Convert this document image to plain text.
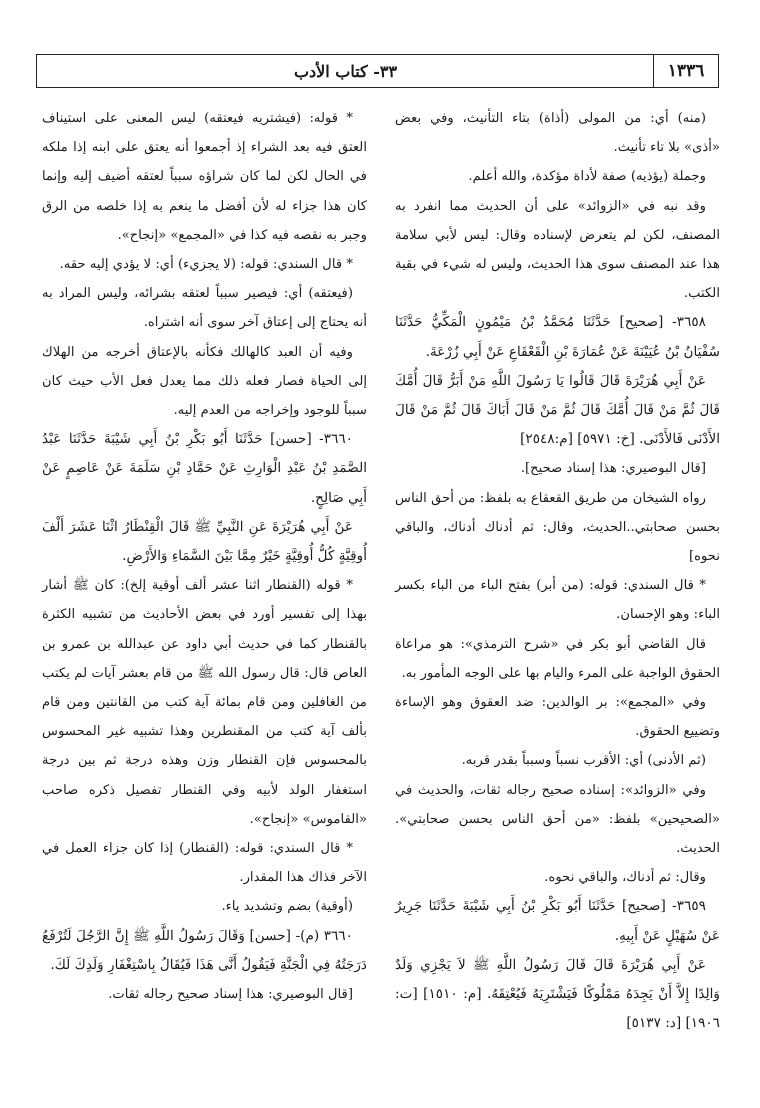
١٣٣٦
٣٣- كتاب الأدب

(منه) أي: من المولى (أذاة) بتاء التأنيث، وفي بعض «أذى» بلا تاء تأنيث.

وجملة (يؤذيه) صفة لأداة مؤكدة، والله أعلم.

وقد نبه في «الزوائد» على أن الحديث مما انفرد به المصنف، لكن لم يتعرض لإسناده وقال: ليس لأبي سلامة هذا عند المصنف سوى هذا الحديث، وليس له شيء في بقية الكتب.

٣٦٥٨- [صحيح] حَدَّثَنَا مُحَمَّدُ بْنُ مَيْمُونٍ الْمَكِّيُّ حَدَّثَنَا سُفْيَانُ بْنُ عُيَيْنَةَ عَنْ عُمَارَةَ بْنِ الْقَعْقَاعِ عَنْ أَبِي زُرْعَةَ.

عَنْ أَبِي هُرَيْرَةَ قَالَ قَالُوا يَا رَسُولَ اللَّهِ مَنْ أَبَرُّ قَالَ أُمَّكَ قَالَ ثُمَّ مَنْ قَالَ أُمَّكَ قَالَ ثُمَّ مَنْ قَالَ أَبَاكَ قَالَ ثُمَّ مَنْ قَالَ الأَدْنَى فَالأَدْنَى. [خ: ٥٩٧١] [م:٢٥٤٨]

[قال البوصيري: هذا إسناد صحيح].

رواه الشيخان من طريق القعقاع به بلفظ: من أحق الناس بحسن صحابتي..الحديث، وقال: ثم أدناك أدناك، والباقي نحوه]

* قال السندي: قوله: (من أبر) بفتح الباء من الباء بكسر الباء: وهو الإحسان.

قال القاضي أبو بكر في «شرح الترمذي»: هو مراعاة الحقوق الواجبة على المرء واليام بها على الوجه المأمور به.

وفي «المجمع»: بر الوالدين: ضد العقوق وهو الإساءة وتضييع الحقوق.

(ثم الأدنى) أي: الأقرب نسباً وسبباً بقدر قربه.

وفي «الزوائد»: إسناده صحيح رجاله ثقات، والحديث في «الصحيحين» بلفظ: «من أحق الناس بحسن صحابتي». الحديث.

وقال: ثم أدناك، والباقي نحوه.

٣٦٥٩- [صحيح] حَدَّثَنَا أَبُو بَكْرِ بْنُ أَبِي شَيْبَةَ حَدَّثَنَا جَرِيرٌ عَنْ سُهَيْلٍ عَنْ أَبِيهِ.

عَنْ أَبِي هُرَيْرَةَ قَالَ قَالَ رَسُولُ اللَّهِ ﷺ لاَ يَجْزِي وَلَدٌ وَالِدًا إِلاَّ أَنْ يَجِدَهُ مَمْلُوكًا فَيَشْتَرِيَهُ فَيُعْتِقَهُ. [م: ١٥١٠] [ت: ١٩٠٦] [د: ٥١٣٧]

* قوله: (فيشتريه فيعتقه) ليس المعنى على استيناف العتق فيه بعد الشراء إذ أجمعوا أنه يعتق على ابنه إذا ملكه في الحال لكن لما كان شراؤه سبباً لعتقه أضيف إليه وإنما كان هذا جزاء له لأن أفضل ما ينعم به إذا خلصه من الرق وجبر به نقصه فيه كذا في «المجمع» «إنجاح».

* قال السندي: قوله: (لا يجزيء) أي: لا يؤدي إليه حقه.

(فيعتقه) أي: فيصير سبباً لعتقه بشرائه، وليس المراد به أنه يحتاج إلى إعتاق آخر سوى أنه اشتراه.

وفيه أن العبد كالهالك فكأنه بالإعتاق أخرجه من الهلاك إلى الحياة فصار فعله ذلك مما يعدل فعل الأب حيث كان سبباً للوجود وإخراجه من العدم إليه.

٣٦٦٠- [حسن] حَدَّثَنَا أَبُو بَكْرِ بْنُ أَبِي شَيْبَةَ حَدَّثَنَا عَبْدُ الصَّمَدِ بْنُ عَبْدِ الْوَارِثِ عَنْ حَمَّادِ بْنِ سَلَمَةَ عَنْ عَاصِمٍ عَنْ أَبِي صَالِحٍ.

عَنْ أَبِي هُرَيْرَةَ عَنِ النَّبِيِّ ﷺ قَالَ الْقِنْطَارُ اثْنَا عَشَرَ أَلْفَ أُوقِيَّةٍ كُلُّ أُوقِيَّةٍ خَيْرٌ مِمَّا بَيْنَ السَّمَاءِ وَالأَرْضِ.

* قوله (القنطار اثنا عشر ألف أوقية إلخ): كان ﷺ أشار بهذا إلى تفسير أورد في بعض الأحاديث من تشبيه الكثرة بالقنطار كما في حديث أبي داود عن عبدالله بن عمرو بن العاص قال: قال رسول الله ﷺ من قام بعشر آيات لم يكتب من الغافلين ومن قام بمائة آية كتب من القانتين ومن قام بألف آية كتب من المقنطرين وهذا تشبيه غير المحسوس بالمحسوس فإن القنطار وزن وهذه درجة ثم بين درجة استغفار الولد لأبيه وفي القنطار تفصيل ذكره صاحب «القاموس» «إنجاح».

* قال السندي: قوله: (القنطار) إذا كان جزاء العمل في الآخر فذاك هذا المقدار.

(أوقية) بضم وتشديد ياء.

٣٦٦٠ (م)- [حسن] وَقَالَ رَسُولُ اللَّهِ ﷺ إِنَّ الرَّجُلَ لَتُرْفَعُ دَرَجَتُهُ فِي الْجَنَّةِ فَيَقُولُ أَنَّى هَذَا فَيُقَالُ بِاسْتِغْفَارِ وَلَدِكَ لَكَ.

[قال البوصيري: هذا إسناد صحيح رجاله ثقات.
